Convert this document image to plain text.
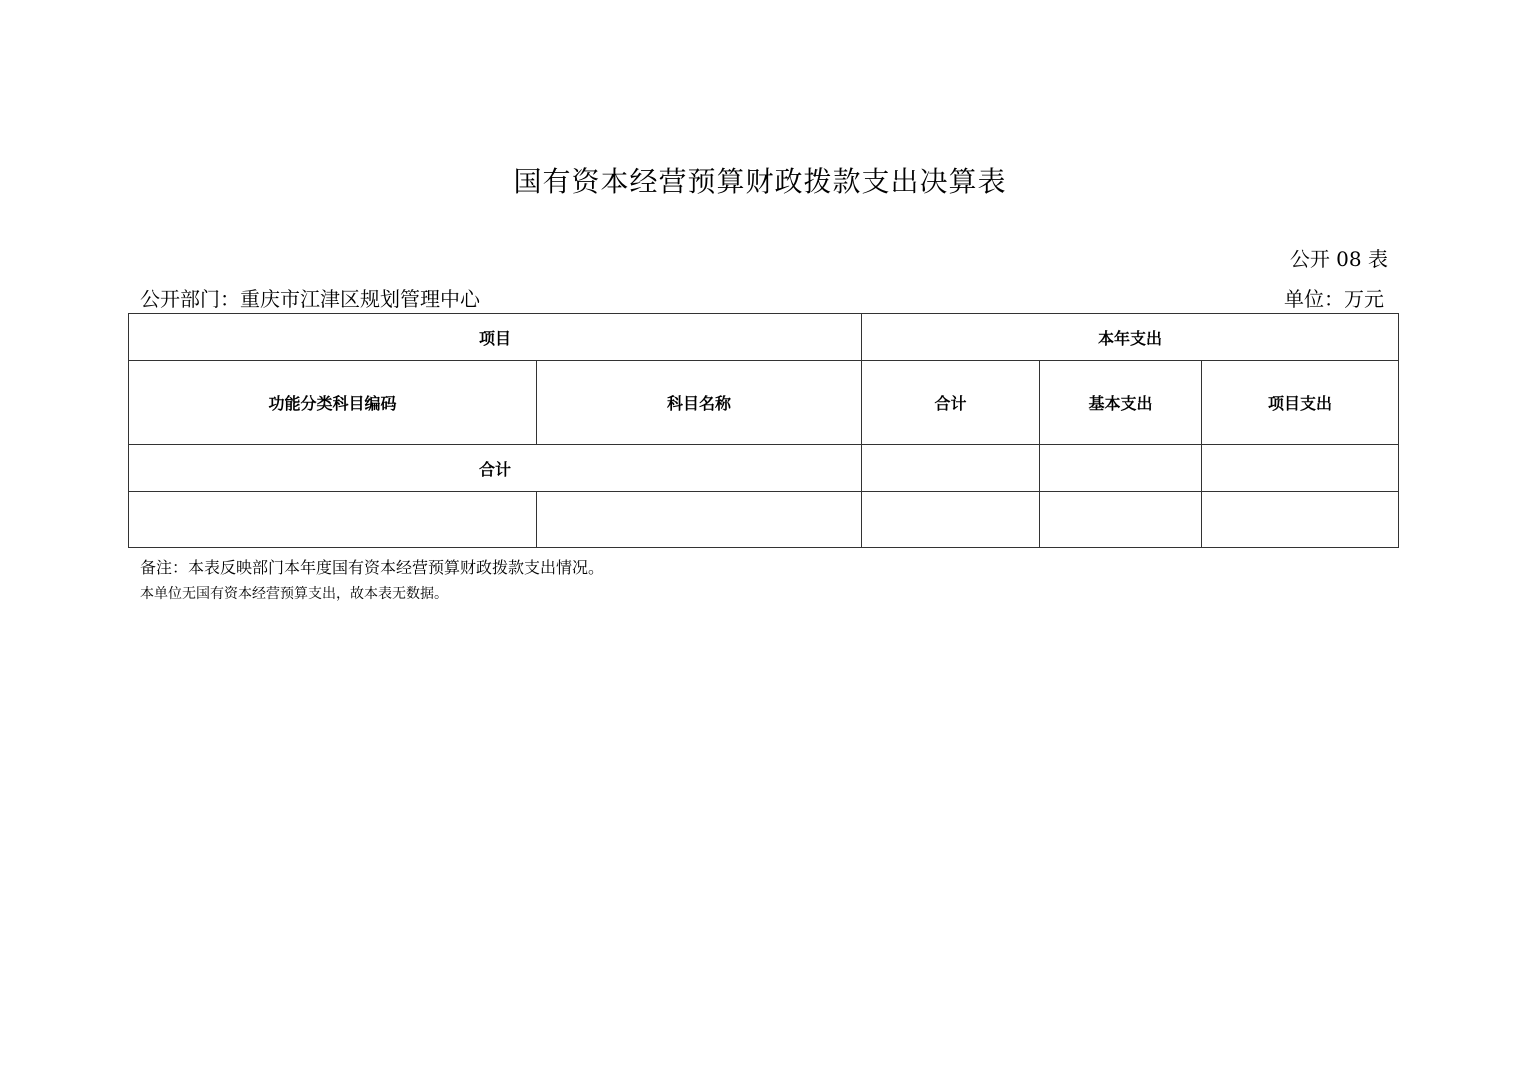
国有资本经营预算财政拨款支出决算表
公开 08 表
公开部门：重庆市江津区规划管理中心	单位：万元
项目		本年支出		
功能分类科目编码	科目名称	合计	基本支出	项目支出
合计				

备注：本表反映部门本年度国有资本经营预算财政拨款支出情况。
本单位无国有资本经营预算支出，故本表无数据。
